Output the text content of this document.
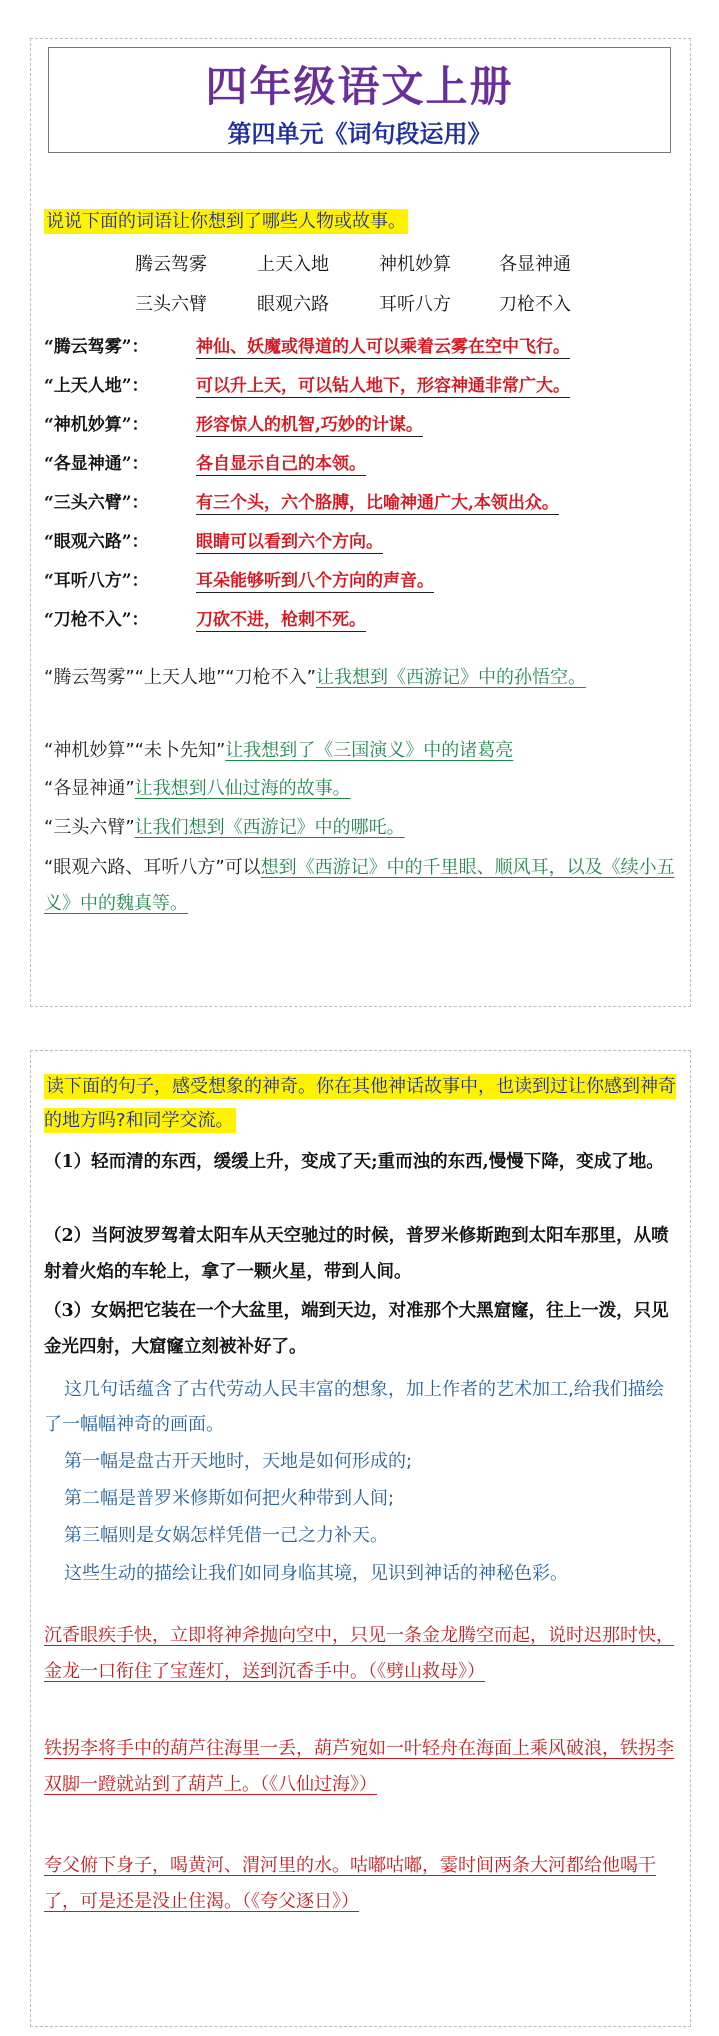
四年级语文上册
第四单元《词句段运用》
说说下面的词语让你想到了哪些人物或故事。
腾云驾雾	上天入地	神机妙算	各显神通
三头六臂	眼观六路	耳听八方	刀枪不入
“腾云驾雾”：	神仙、妖魔或得道的人可以乘着云雾在空中飞行。
“上天人地”：	可以升上天，可以钻人地下，形容神通非常广大。
“神机妙算”：	形容惊人的机智,巧妙的计谋。
“各显神通”：	各自显示自己的本领。
“三头六臂”：	有三个头，六个胳膊，比喻神通广大,本领出众。
“眼观六路”：	眼睛可以看到六个方向。
“耳听八方”：	耳朵能够听到八个方向的声音。
“刀枪不入”：	刀砍不进，枪刺不死。
“腾云驾雾”“上天人地”“刀枪不入”让我想到《西游记》中的孙悟空。
“神机妙算”“未卜先知”让我想到了《三国演义》中的诸葛亮
“各显神通”让我想到八仙过海的故事。
“三头六臂”让我们想到《西游记》中的哪吒。
“眼观六路、耳听八方”可以想到《西游记》中的千里眼、顺风耳，以及《续小五义》中的魏真等。
读下面的句子，感受想象的神奇。你在其他神话故事中，也读到过让你感到神奇的地方吗?和同学交流。
（1）轻而清的东西，缓缓上升，变成了天;重而浊的东西,慢慢下降，变成了地。
（2）当阿波罗驾着太阳车从天空驰过的时候，普罗米修斯跑到太阳车那里，从喷射着火焰的车轮上，拿了一颗火星，带到人间。
（3）女娲把它装在一个大盆里，端到天边，对准那个大黑窟窿，往上一泼，只见金光四射，大窟窿立刻被补好了。
这几句话蕴含了古代劳动人民丰富的想象，加上作者的艺术加工,给我们描绘了一幅幅神奇的画面。
第一幅是盘古开天地时，天地是如何形成的;
第二幅是普罗米修斯如何把火种带到人间;
第三幅则是女娲怎样凭借一己之力补天。
这些生动的描绘让我们如同身临其境，见识到神话的神秘色彩。
沉香眼疾手快，立即将神斧抛向空中，只见一条金龙腾空而起，说时迟那时快，金龙一口衔住了宝莲灯，送到沉香手中。（《劈山救母》）
铁拐李将手中的葫芦往海里一丢，葫芦宛如一叶轻舟在海面上乘风破浪，铁拐李双脚一蹬就站到了葫芦上。（《八仙过海》）
夸父俯下身子，喝黄河、渭河里的水。咕嘟咕嘟，霎时间两条大河都给他喝干了，可是还是没止住渴。（《夸父逐日》）
